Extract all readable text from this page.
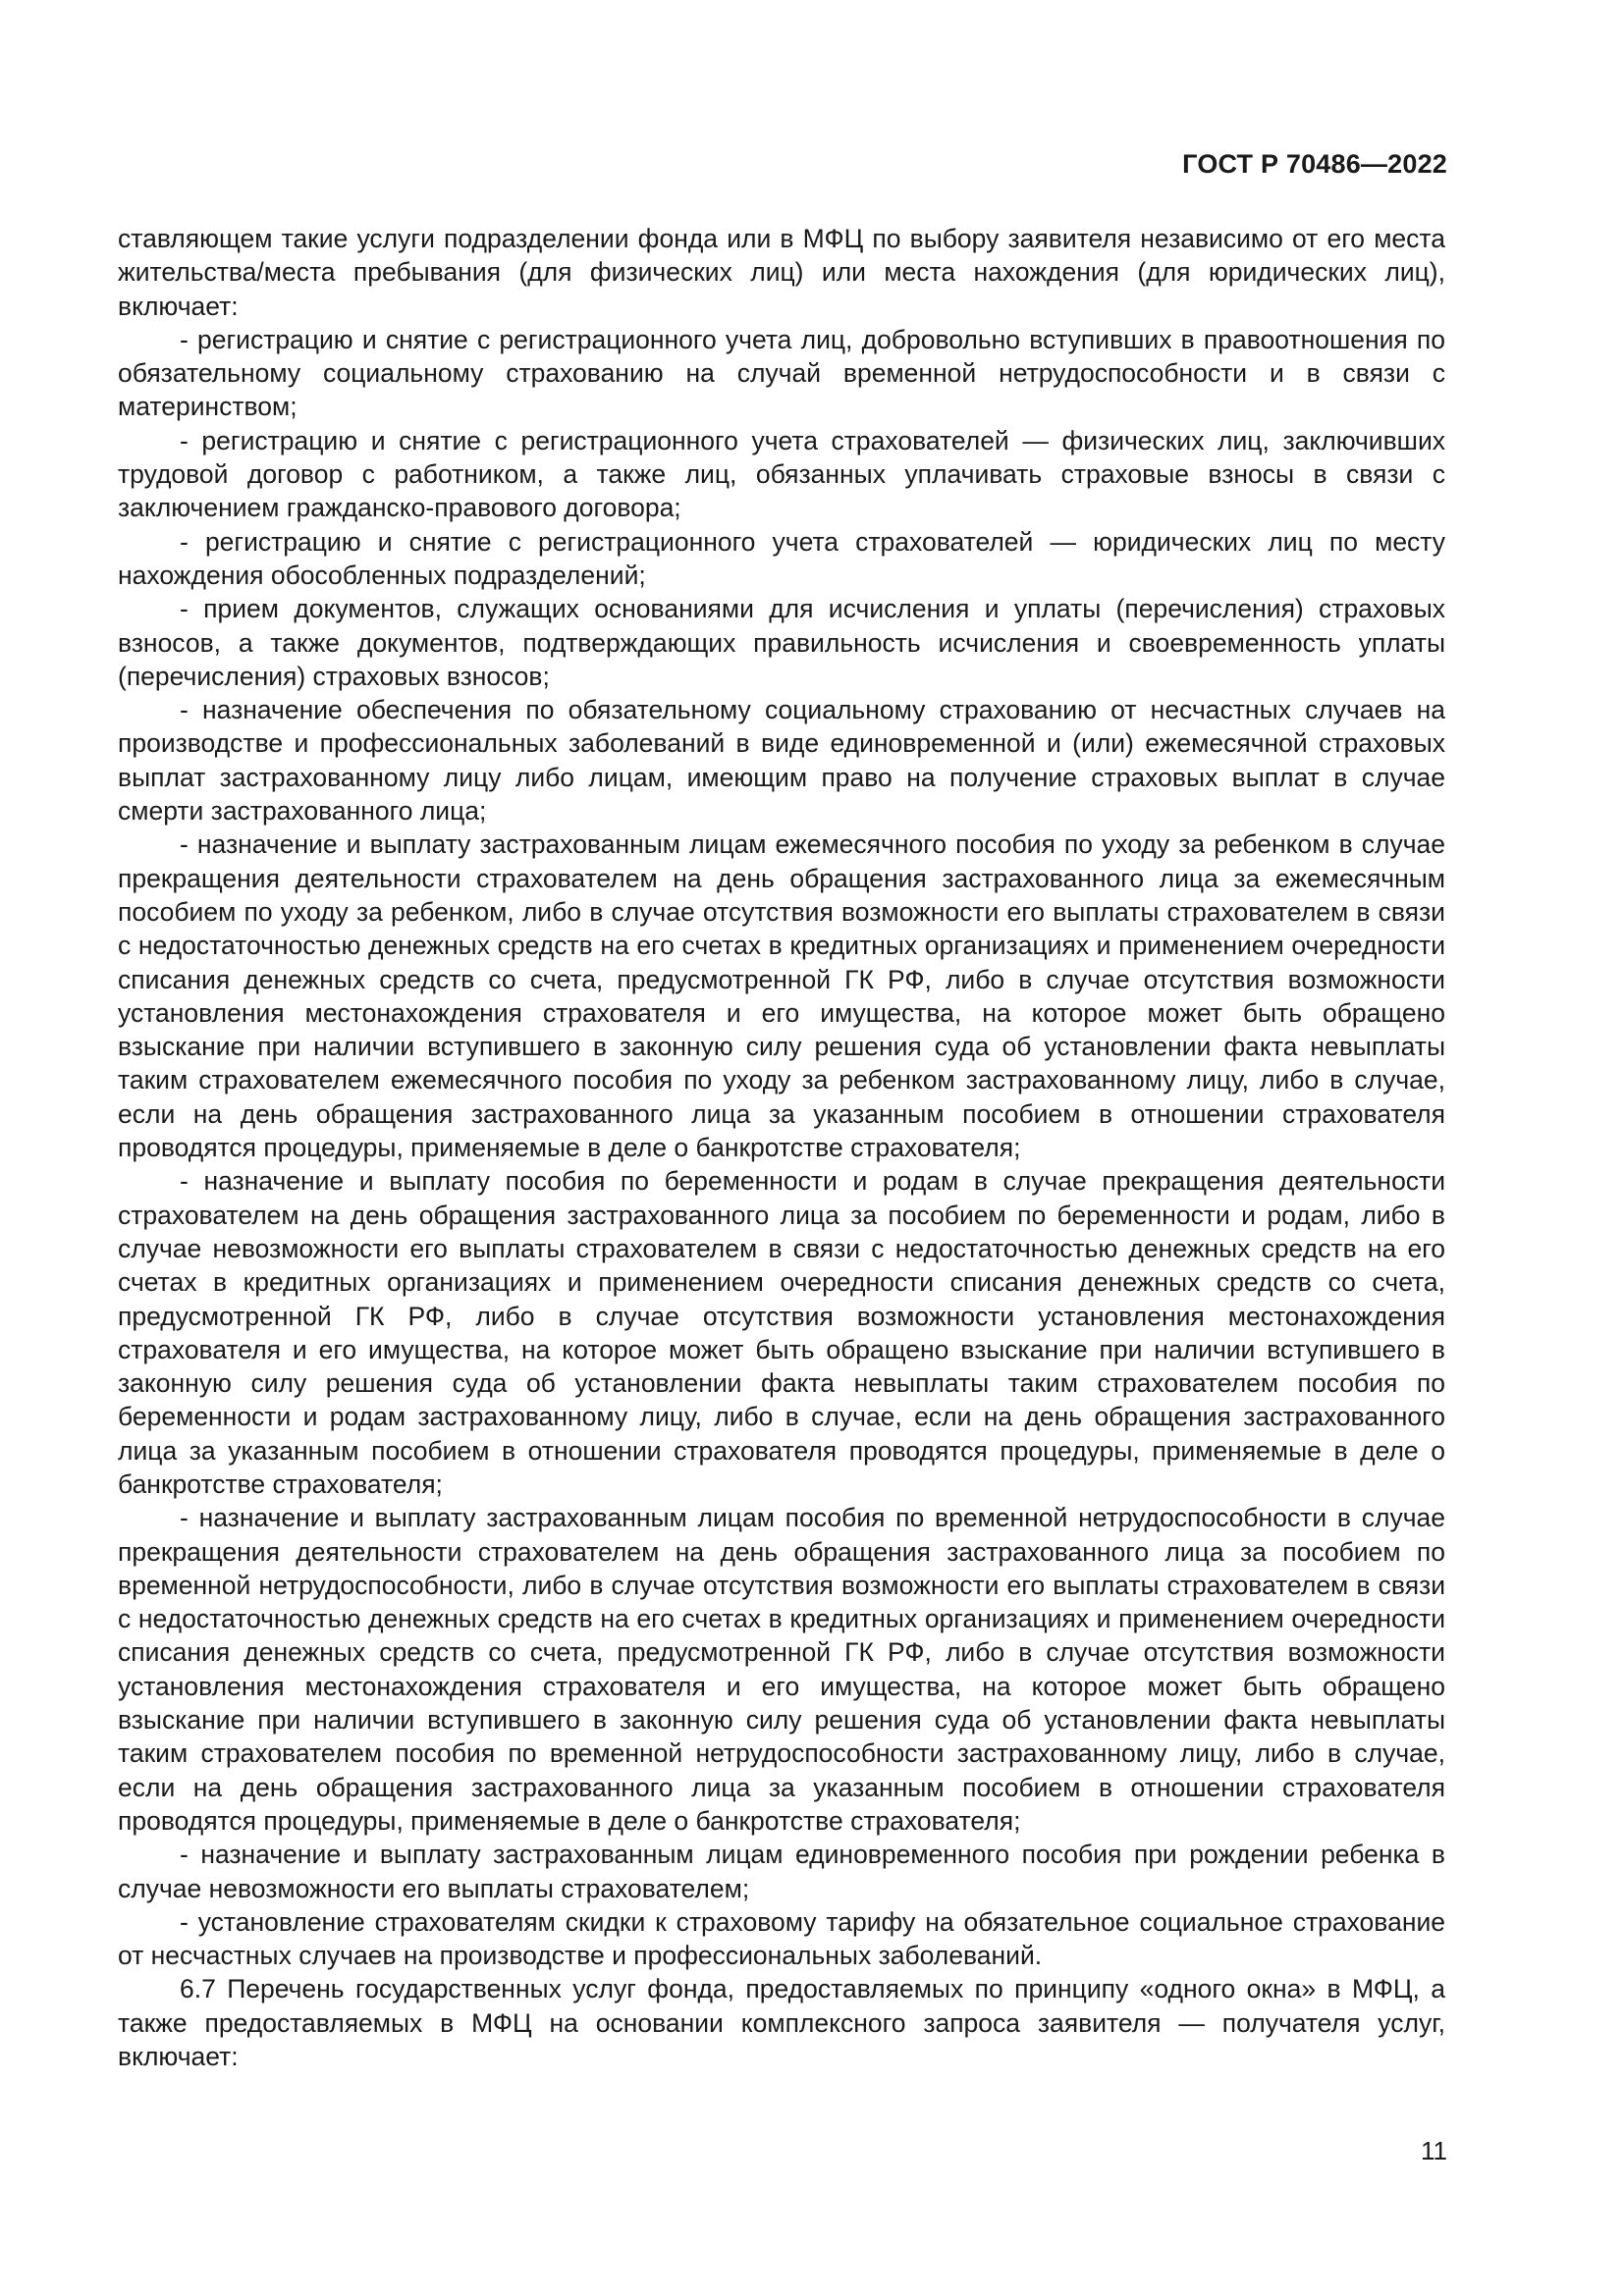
ГОСТ Р 70486—2022

ставляющем такие услуги подразделении фонда или в МФЦ по выбору заявителя независимо от его места жительства/места пребывания (для физических лиц) или места нахождения (для юридических лиц), включает:

- регистрацию и снятие с регистрационного учета лиц, добровольно вступивших в правоотношения по обязательному социальному страхованию на случай временной нетрудоспособности и в связи с материнством;

- регистрацию и снятие с регистрационного учета страхователей — физических лиц, заключивших трудовой договор с работником, а также лиц, обязанных уплачивать страховые взносы в связи с заключением гражданско-правового договора;

- регистрацию и снятие с регистрационного учета страхователей — юридических лиц по месту нахождения обособленных подразделений;

- прием документов, служащих основаниями для исчисления и уплаты (перечисления) страховых взносов, а также документов, подтверждающих правильность исчисления и своевременность уплаты (перечисления) страховых взносов;

- назначение обеспечения по обязательному социальному страхованию от несчастных случаев на производстве и профессиональных заболеваний в виде единовременной и (или) ежемесячной страховых выплат застрахованному лицу либо лицам, имеющим право на получение страховых выплат в случае смерти застрахованного лица;

- назначение и выплату застрахованным лицам ежемесячного пособия по уходу за ребенком в случае прекращения деятельности страхователем на день обращения застрахованного лица за ежемесячным пособием по уходу за ребенком, либо в случае отсутствия возможности его выплаты страхователем в связи с недостаточностью денежных средств на его счетах в кредитных организациях и применением очередности списания денежных средств со счета, предусмотренной ГК РФ, либо в случае отсутствия возможности установления местонахождения страхователя и его имущества, на которое может быть обращено взыскание при наличии вступившего в законную силу решения суда об установлении факта невыплаты таким страхователем ежемесячного пособия по уходу за ребенком застрахованному лицу, либо в случае, если на день обращения застрахованного лица за указанным пособием в отношении страхователя проводятся процедуры, применяемые в деле о банкротстве страхователя;

- назначение и выплату пособия по беременности и родам в случае прекращения деятельности страхователем на день обращения застрахованного лица за пособием по беременности и родам, либо в случае невозможности его выплаты страхователем в связи с недостаточностью денежных средств на его счетах в кредитных организациях и применением очередности списания денежных средств со счета, предусмотренной ГК РФ, либо в случае отсутствия возможности установления местонахождения страхователя и его имущества, на которое может быть обращено взыскание при наличии вступившего в законную силу решения суда об установлении факта невыплаты таким страхователем пособия по беременности и родам застрахованному лицу, либо в случае, если на день обращения застрахованного лица за указанным пособием в отношении страхователя проводятся процедуры, применяемые в деле о банкротстве страхователя;

- назначение и выплату застрахованным лицам пособия по временной нетрудоспособности в случае прекращения деятельности страхователем на день обращения застрахованного лица за пособием по временной нетрудоспособности, либо в случае отсутствия возможности его выплаты страхователем в связи с недостаточностью денежных средств на его счетах в кредитных организациях и применением очередности списания денежных средств со счета, предусмотренной ГК РФ, либо в случае отсутствия возможности установления местонахождения страхователя и его имущества, на которое может быть обращено взыскание при наличии вступившего в законную силу решения суда об установлении факта невыплаты таким страхователем пособия по временной нетрудоспособности застрахованному лицу, либо в случае, если на день обращения застрахованного лица за указанным пособием в отношении страхователя проводятся процедуры, применяемые в деле о банкротстве страхователя;

- назначение и выплату застрахованным лицам единовременного пособия при рождении ребенка в случае невозможности его выплаты страхователем;

- установление страхователям скидки к страховому тарифу на обязательное социальное страхование от несчастных случаев на производстве и профессиональных заболеваний.

6.7 Перечень государственных услуг фонда, предоставляемых по принципу «одного окна» в МФЦ, а также предоставляемых в МФЦ на основании комплексного запроса заявителя — получателя услуг, включает:

11
